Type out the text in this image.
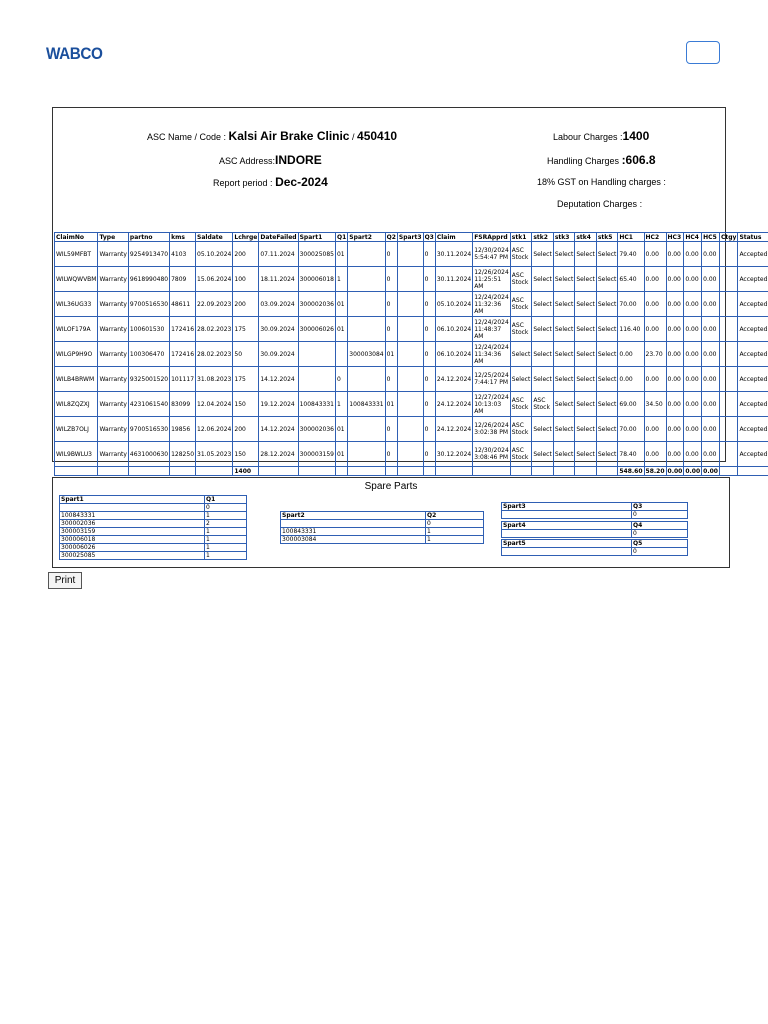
WABCO
ASC Name / Code : Kalsi Air Brake Clinic / 450410
ASC Address:INDORE
Report period : Dec-2024
Labour Charges :1400
Handling Charges :606.8
18% GST on Handling charges :
Deputation Charges :
ClaimNo	Type	partno	kms	Saldate	Lchrge	DateFailed	Spart1	Q1	Spart2	Q2	Spart3	Q3	Claim	FSRApprd	stk1	stk2	stk3	stk4	stk5	HC1	HC2	HC3	HC4	HC5	Ctgy	Status
WIL59MFBT	Warranty	9254913470	4103	05.10.2024	200	07.11.2024	300025085	01		0		0	30.11.2024	12/30/2024 5:54:47 PM	ASC Stock	Select	Select	Select	Select	79.40	0.00	0.00	0.00	0.00		Accepted
WILWQWVBM	Warranty	9618990480	7809	15.06.2024	100	18.11.2024	300006018	1		0		0	30.11.2024	12/26/2024 11:25:51 AM	ASC Stock	Select	Select	Select	Select	65.40	0.00	0.00	0.00	0.00		Accepted
WIL36UG33	Warranty	9700516530	48611	22.09.2023	200	03.09.2024	300002036	01		0		0	05.10.2024	12/24/2024 11:32:36 AM	ASC Stock	Select	Select	Select	Select	70.00	0.00	0.00	0.00	0.00		Accepted
WILOF179A	Warranty	100601530	172416	28.02.2023	175	30.09.2024	300006026	01		0		0	06.10.2024	12/24/2024 11:48:37 AM	ASC Stock	Select	Select	Select	Select	116.40	0.00	0.00	0.00	0.00		Accepted
WILGP9H9O	Warranty	100306470	172416	28.02.2023	50	30.09.2024			300003084	01		0	06.10.2024	12/24/2024 11:34:36 AM	Select	Select	Select	Select	Select	0.00	23.70	0.00	0.00	0.00		Accepted
WILB4BRWM	Warranty	9325001520	101117	31.08.2023	175	14.12.2024		0		0		0	24.12.2024	12/25/2024 7:44:17 PM	Select	Select	Select	Select	Select	0.00	0.00	0.00	0.00	0.00		Accepted
WIL8ZQZXJ	Warranty	4231061540	83099	12.04.2024	150	19.12.2024	100843331	1	100843331	01		0	24.12.2024	12/27/2024 10:13:03 AM	ASC Stock	ASC Stock	Select	Select	Select	69.00	34.50	0.00	0.00	0.00		Accepted
WILZB7OLJ	Warranty	9700516530	19856	12.06.2024	200	14.12.2024	300002036	01		0		0	24.12.2024	12/26/2024 3:02:38 PM	ASC Stock	Select	Select	Select	Select	70.00	0.00	0.00	0.00	0.00		Accepted
WIL9BWLU3	Warranty	4631000630	128250	31.05.2023	150	28.12.2024	300003159	01		0		0	30.12.2024	12/30/2024 3:08:46 PM	ASC Stock	Select	Select	Select	Select	78.40	0.00	0.00	0.00	0.00		Accepted
					1400															548.60	58.20	0.00	0.00	0.00		
Spare Parts
Spart1	Q1
	0
100843331	1
300002036	2
300003159	1
300006018	1
300006026	1
300025085	1
Spart2	Q2
	0
100843331	1
300003084	1
Spart3	Q3
	0
Spart4	Q4
	0
Spart5	Q5
	0
Print
